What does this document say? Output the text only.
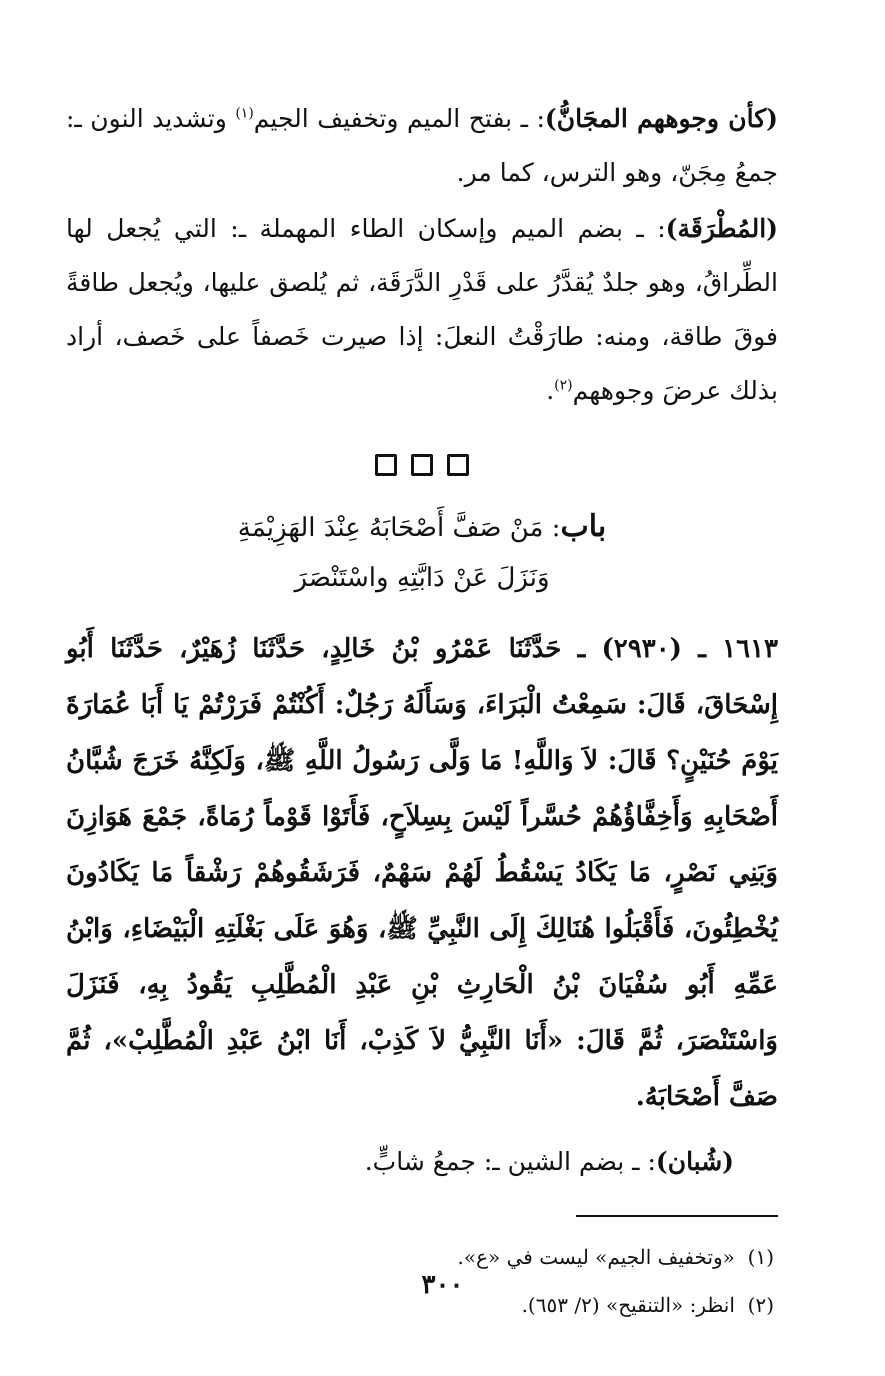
(كأن وجوههم المجَانُّ): ـ بفتح الميم وتخفيف الجيم$^{(١)}$ وتشديد النون ـ: جمعُ مِجَنّ، وهو الترس، كما مر.

(المُطْرَقَة): ـ بضم الميم وإسكان الطاء المهملة ـ: التي يُجعل لها الطِّراقُ، وهو جلدٌ يُقدَّرُ على قَدْرِ الدَّرَقَة، ثم يُلصق عليها، ويُجعل طاقةً فوقَ طاقة، ومنه: طارَقْتُ النعلَ: إذا صيرت خَصفاً على خَصف، أراد بذلك عرضَ وجوههم$^{(٢)}$.

باب: مَنْ صَفَّ أَصْحَابَهُ عِنْدَ الهَزِيْمَةِ

وَنَزَلَ عَنْ دَابَّتِهِ واسْتَنْصَرَ

١٦١٣ ـ (٢٩٣٠) ـ حَدَّثَنَا عَمْرُو بْنُ خَالِدٍ، حَدَّثَنَا زُهَيْرٌ، حَدَّثَنَا أَبُو إِسْحَاقَ، قَالَ: سَمِعْتُ الْبَرَاءَ، وَسَأَلَهُ رَجُلٌ: أَكُنْتُمْ فَرَرْتُمْ يَا أَبَا عُمَارَةَ يَوْمَ حُنَيْنٍ؟ قَالَ: لاَ وَاللَّهِ! مَا وَلَّى رَسُولُ اللَّهِ ﷺ، وَلَكِنَّهُ خَرَجَ شُبَّانُ أَصْحَابِهِ وَأَخِفَّاؤُهُمْ حُسَّراً لَيْسَ بِسِلاَحٍ، فَأَتَوْا قَوْماً رُمَاةً، جَمْعَ هَوَازِنَ وَبَنِي نَصْرٍ، مَا يَكَادُ يَسْقُطُ لَهُمْ سَهْمٌ، فَرَشَقُوهُمْ رَشْقاً مَا يَكَادُونَ يُخْطِئُونَ، فَأَقْبَلُوا هُنَالِكَ إِلَى النَّبِيِّ ﷺ، وَهُوَ عَلَى بَغْلَتِهِ الْبَيْضَاءِ، وَابْنُ عَمِّهِ أَبُو سُفْيَانَ بْنُ الْحَارِثِ بْنِ عَبْدِ الْمُطَّلِبِ يَقُودُ بِهِ، فَنَزَلَ وَاسْتَنْصَرَ، ثُمَّ قَالَ: «أَنَا النَّبِيُّ لاَ كَذِبْ، أَنَا ابْنُ عَبْدِ الْمُطَّلِبْ»، ثُمَّ صَفَّ أَصْحَابَهُ.

(شُبان): ـ بضم الشين ـ: جمعُ شابٍّ.

(١)  «وتخفيف الجيم» ليست في «ع».

(٢)  انظر: «التنقيح» (٢/ ٦٥٣).

٣٠٠
